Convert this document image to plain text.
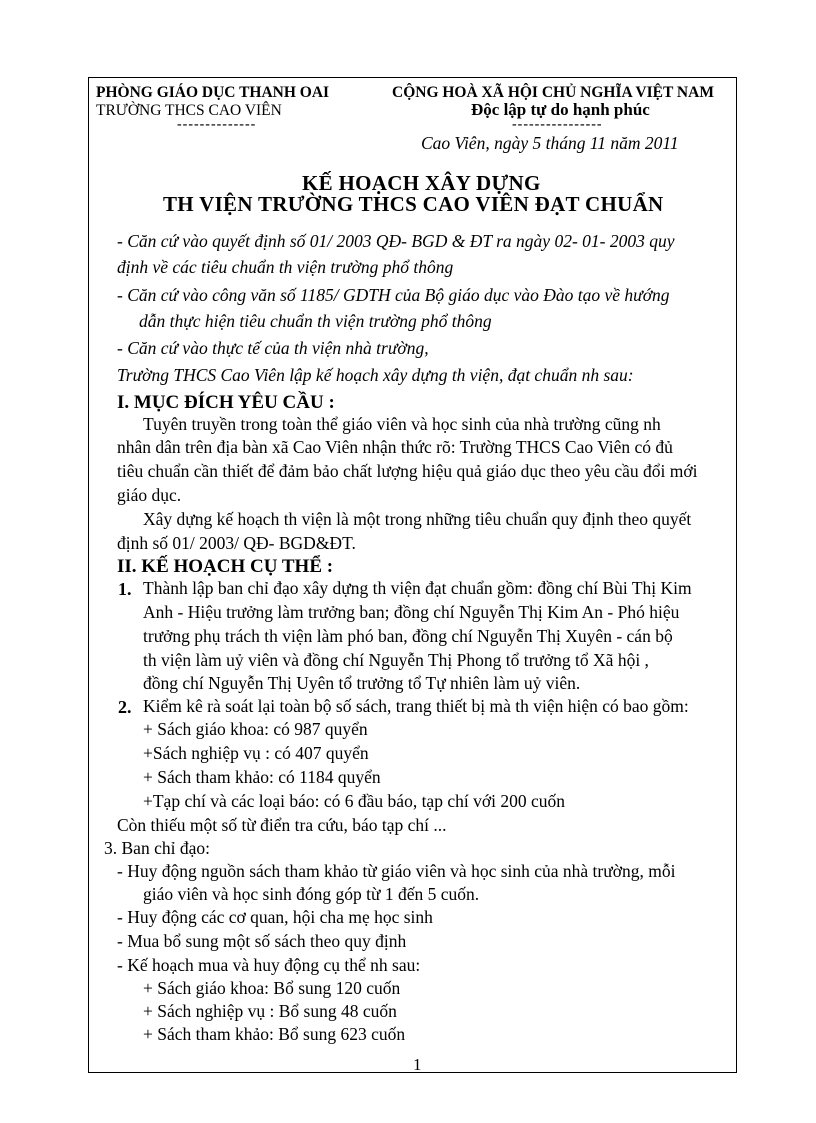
PHÒNG GIÁO DỤC THANH OAI
TRƯỜNG THCS CAO VIÊN
--------------
CỘNG HOÀ XÃ HỘI CHỦ NGHĨA VIỆT NAM
Độc lập tự do hạnh phúc
----------------
Cao Viên, ngày 5 tháng 11 năm 2011
KẾ HOẠCH XÂY DỰNG
TH VIỆN TRƯỜNG THCS CAO VIÊN ĐẠT CHUẨN
- Căn cứ vào quyết định số 01/ 2003 QĐ- BGD & ĐT ra ngày 02- 01- 2003 quy
định về các tiêu chuẩn th viện trường phổ thông
- Căn cứ vào công văn số 1185/ GDTH của Bộ giáo dục vào Đào tạo về hướng
dẫn thực hiện tiêu chuẩn th viện trường phổ thông
- Căn cứ vào thực tế của th viện nhà trường,
Trường THCS Cao Viên lập kế hoạch xây dựng th viện, đạt chuẩn nh sau:
I. MỤC ĐÍCH YÊU CẦU :
Tuyên truyền trong toàn thể giáo viên và học sinh của nhà trường cũng nh
nhân dân trên địa bàn xã Cao Viên nhận thức rõ: Trường THCS Cao Viên có đủ
tiêu chuẩn cần thiết để đảm bảo chất lượng hiệu quả giáo dục theo yêu cầu đổi mới
giáo dục.
Xây dựng kế hoạch th viện là một trong những tiêu chuẩn quy định theo quyết
định số 01/ 2003/ QĐ- BGD&ĐT.
II. KẾ HOẠCH CỤ THỂ :
1. Thành lập ban chỉ đạo xây dựng th viện đạt chuẩn gồm: đồng chí Bùi Thị Kim
Anh - Hiệu trưởng làm trưởng ban; đồng chí Nguyễn Thị Kim An - Phó hiệu
trưởng phụ trách th viện làm phó ban, đồng chí Nguyễn Thị Xuyên - cán bộ
th viện làm uỷ viên và đồng chí Nguyễn Thị Phong tổ trưởng tổ Xã hội ,
đồng chí Nguyễn Thị Uyên tổ trưởng tổ Tự nhiên làm uỷ viên.
2. Kiểm kê rà soát lại toàn bộ số sách, trang thiết bị mà th viện hiện có bao gồm:
+ Sách giáo khoa: có 987 quyển
+Sách nghiệp vụ : có 407 quyển
+ Sách tham khảo: có 1184 quyển
+Tạp chí và các loại báo: có 6 đầu báo, tạp chí với 200 cuốn
Còn thiếu một số từ điển tra cứu, báo tạp chí ...
3. Ban chỉ đạo:
- Huy động nguồn sách tham khảo từ giáo viên và học sinh của nhà trường, mỗi
giáo viên và học sinh đóng góp từ 1 đến 5 cuốn.
- Huy động các cơ quan, hội cha mẹ học sinh
- Mua bổ sung một số sách theo quy định
- Kế hoạch mua và huy động cụ thể nh sau:
+ Sách giáo khoa: Bổ sung 120 cuốn
+ Sách nghiệp vụ : Bổ sung 48 cuốn
+ Sách tham khảo: Bổ sung 623 cuốn
1
